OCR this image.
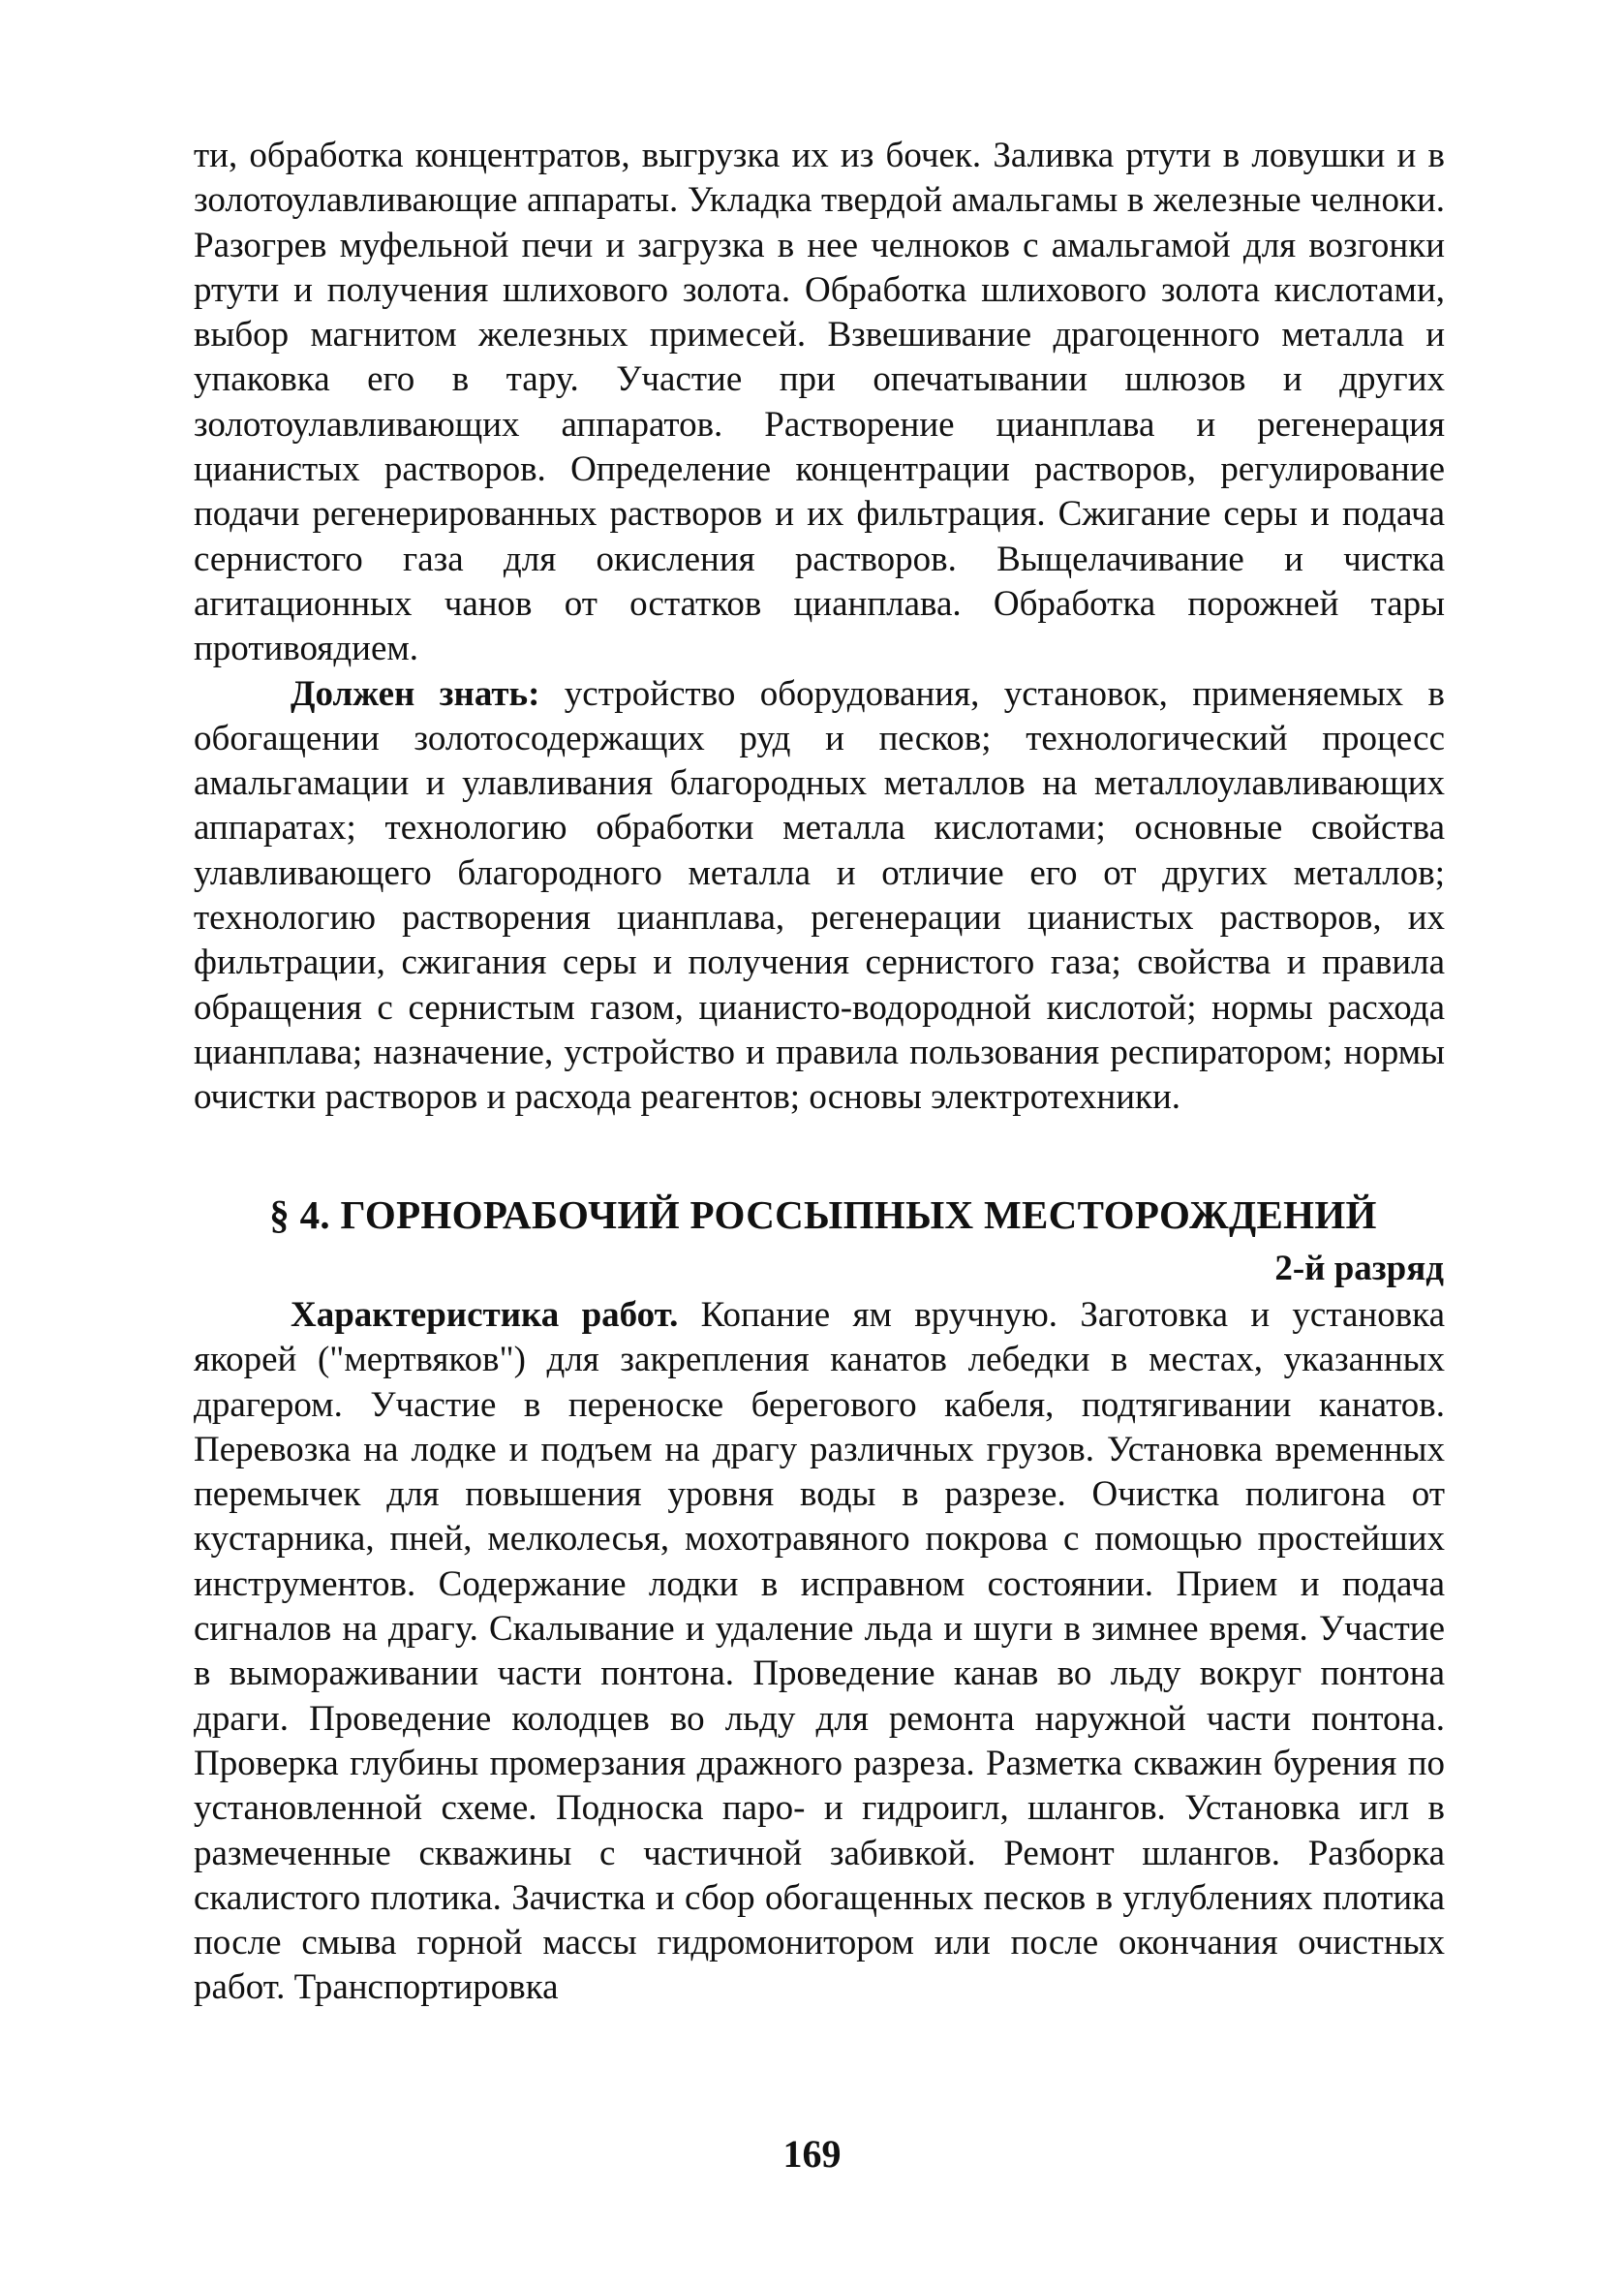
ти, обработка концентратов, выгрузка их из бочек. Заливка ртути в ловушки и в золотоулавливающие аппараты. Укладка твердой амальгамы в железные челноки. Разогрев муфельной печи и загрузка в нее челноков с амальгамой для возгонки ртути и получения шлихового золота. Обработка шлихового золота кислотами, выбор магнитом железных примесей. Взвешивание драгоценного металла и упаковка его в тару. Участие при опечатывании шлюзов и других золотоулавливающих аппаратов. Растворение цианплава и регенерация цианистых растворов. Определение концентрации растворов, регулирование подачи регенерированных растворов и их фильтрация. Сжигание серы и подача сернистого газа для окисления растворов. Выщелачивание и чистка агитационных чанов от остатков цианплава. Обработка порожней тары противоядием.

Должен знать: устройство оборудования, установок, применяемых в обогащении золотосодержащих руд и песков; технологический процесс амальгамации и улавливания благородных металлов на металлоулавливающих аппаратах; технологию обработки металла кислотами; основные свойства улавливающего благородного металла и отличие его от других металлов; технологию растворения цианплава, регенерации цианистых растворов, их фильтрации, сжигания серы и получения сернистого газа; свойства и правила обращения с сернистым газом, цианисто-водородной кислотой; нормы расхода цианплава; назначение, устройство и правила пользования респиратором; нормы очистки растворов и расхода реагентов; основы электротехники.

§ 4. ГОРНОРАБОЧИЙ РОССЫПНЫХ МЕСТОРОЖДЕНИЙ
2-й разряд

Характеристика работ. Копание ям вручную. Заготовка и установка якорей ("мертвяков") для закрепления канатов лебедки в местах, указанных драгером. Участие в переноске берегового кабеля, подтягивании канатов. Перевозка на лодке и подъем на драгу различных грузов. Установка временных перемычек для повышения уровня воды в разрезе. Очистка полигона от кустарника, пней, мелколесья, мохотравяного покрова с помощью простейших инструментов. Содержание лодки в исправном состоянии. Прием и подача сигналов на драгу. Скалывание и удаление льда и шуги в зимнее время. Участие в вымораживании части понтона. Проведение канав во льду вокруг понтона драги. Проведение колодцев во льду для ремонта наружной части понтона. Проверка глубины промерзания дражного разреза. Разметка скважин бурения по установленной схеме. Подноска паро- и гидроигл, шлангов. Установка игл в размеченные скважины с частичной забивкой. Ремонт шлангов. Разборка скалистого плотика. Зачистка и сбор обогащенных песков в углублениях плотика после смыва горной массы гидромонитором или после окончания очистных работ. Транспортировка

169
